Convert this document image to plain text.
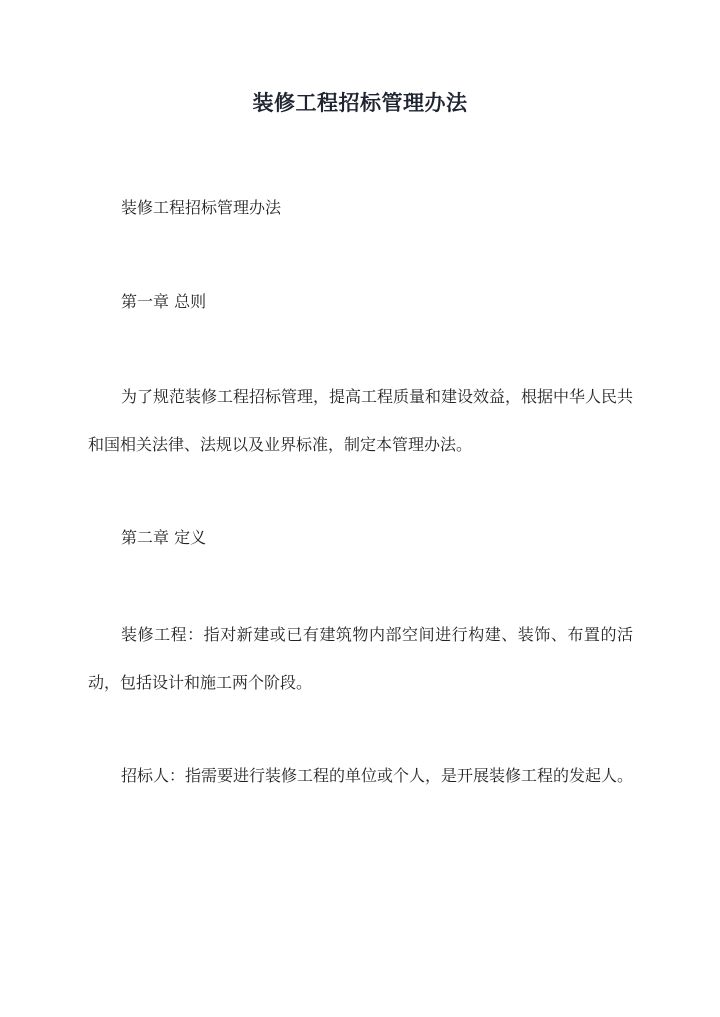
装修工程招标管理办法

装修工程招标管理办法

第一章 总则

为了规范装修工程招标管理，提高工程质量和建设效益，根据中华人民共和国相关法律、法规以及业界标准，制定本管理办法。

第二章 定义

装修工程：指对新建或已有建筑物内部空间进行构建、装饰、布置的活动，包括设计和施工两个阶段。

招标人：指需要进行装修工程的单位或个人，是开展装修工程的发起人。
